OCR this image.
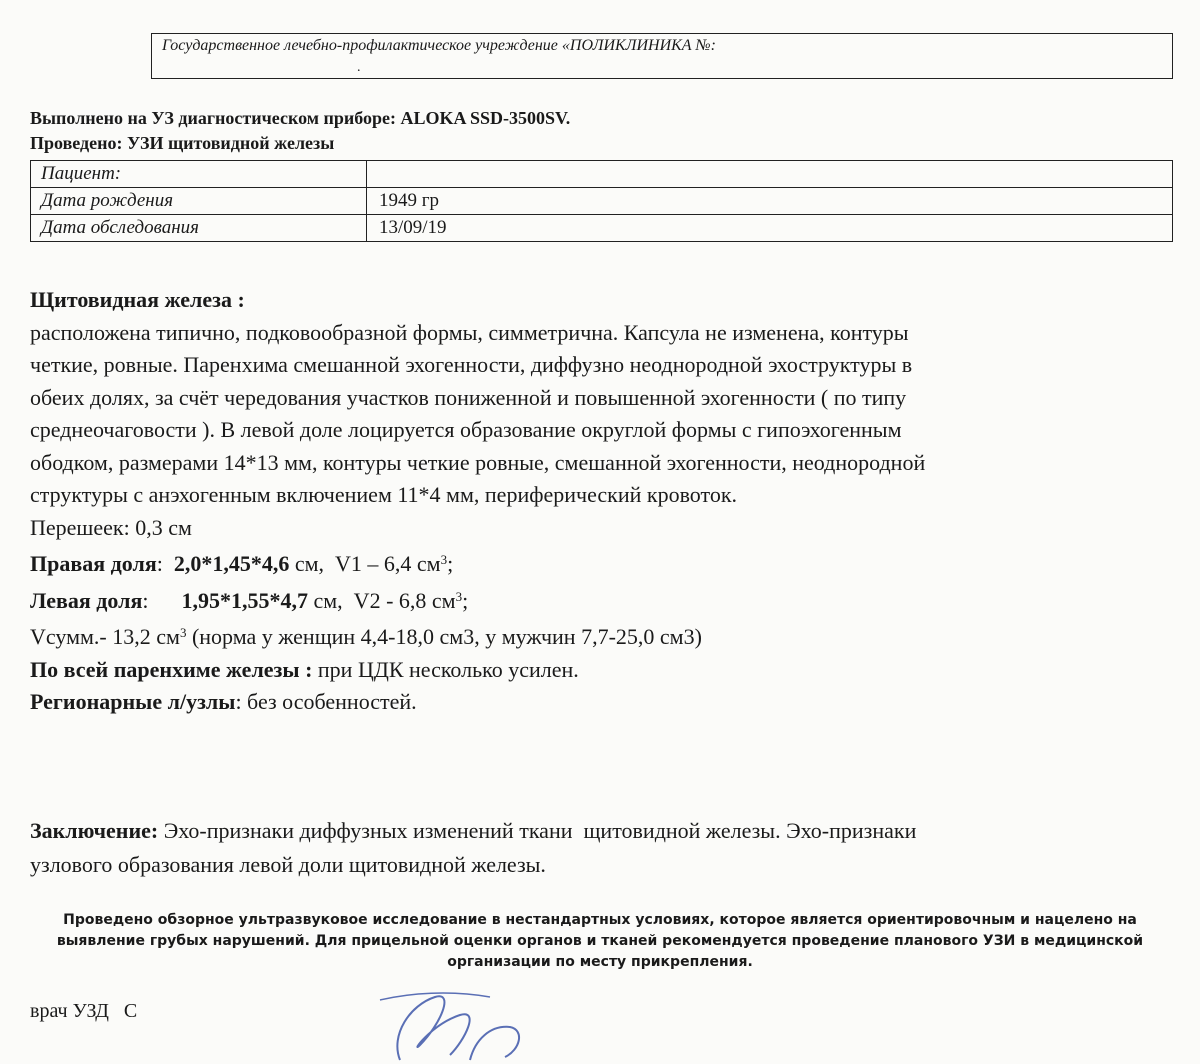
Государственное лечебно-профилактическое учреждение «ПОЛИКЛИНИКА №:
.
Выполнено на УЗ диагностическом приборе: ALOKA SSD-3500SV.
Проведено: УЗИ щитовидной железы
Пациент:	
Дата рождения	1949 гр
Дата обследования	13/09/19

Щитовидная железа :

расположена типично, подковообразной формы, симметрична. Капсула не изменена, контуры

четкие, ровные. Паренхима смешанной эхогенности, диффузно неоднородной эхоструктуры в

обеих долях, за счёт чередования участков пониженной и повышенной эхогенности ( по типу

среднеочаговости ). В левой доле лоцируется образование округлой формы с гипоэхогенным

ободком, размерами 14*13 мм, контуры четкие ровные, смешанной эхогенности, неоднородной

структуры с анэхогенным включением 11*4 мм, периферический кровоток.

Перешеек: 0,3 см

Правая доля:  2,0*1,45*4,6 см,  V1 – 6,4 $см^3$;

Левая доля:      1,95*1,55*4,7 см,  V2 - 6,8 $см^3$;

Vсумм.- 13,2 $см^3$ (норма у женщин 4,4-18,0 см3, у мужчин 7,7-25,0 см3)

По всей паренхиме железы : при ЦДК несколько усилен.

Регионарные л/узлы: без особенностей.

Заключение: Эхо-признаки диффузных изменений ткани  щитовидной железы. Эхо-признаки

узлового образования левой доли щитовидной железы.

Проведено обзорное ультразвуковое исследование в нестандартных условиях, которое является ориентировочным и нацелено на
выявление грубых нарушений. Для прицельной оценки органов и тканей рекомендуется проведение планового УЗИ в медицинской
организации по месту прикрепления.
врач УЗД   С
